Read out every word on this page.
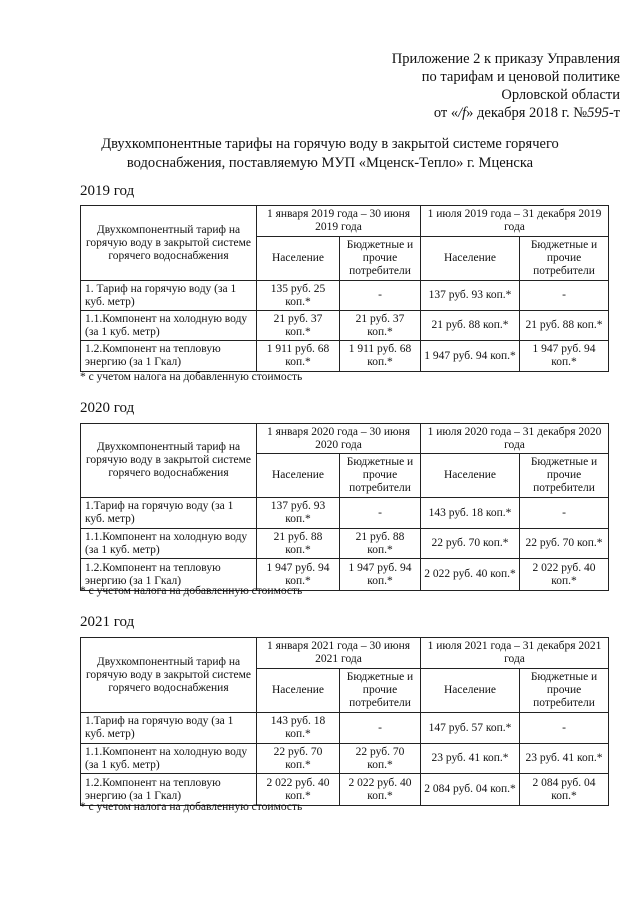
Приложение 2 к приказу Управления
по тарифам и ценовой политике
Орловской области
от «/f» декабря 2018 г. №595-т
Двухкомпонентные тарифы на горячую воду в закрытой системе горячего
водоснабжения, поставляемую МУП «Мценск-Тепло» г. Мценска
2019 год
Двухкомпонентный тариф на горячую воду в закрытой системе горячего водоснабжения	1 января 2019 года – 30 июня 2019 года		1 июля 2019 года – 31 декабря 2019 года	
	Население	Бюджетные и прочие потребители	Население	Бюджетные и прочие потребители
1. Тариф на горячую воду (за 1 куб. метр)	135 руб. 25 коп.*	-	137 руб. 93 коп.*	-
1.1.Компонент на холодную воду (за 1 куб. метр)	21 руб. 37 коп.*	21 руб. 37 коп.*	21 руб. 88 коп.*	21 руб. 88 коп.*
1.2.Компонент на тепловую энергию (за 1 Гкал)	1 911 руб. 68 коп.*	1 911 руб. 68 коп.*	1 947 руб. 94 коп.*	1 947 руб. 94 коп.*
* с учетом налога на добавленную стоимость
2020 год
Двухкомпонентный тариф на горячую воду в закрытой системе горячего водоснабжения	1 января 2020 года – 30 июня 2020 года		1 июля 2020 года – 31 декабря 2020 года	
	Население	Бюджетные и прочие потребители	Население	Бюджетные и прочие потребители
1.Тариф на горячую воду (за 1 куб. метр)	137 руб. 93 коп.*	-	143 руб. 18 коп.*	-
1.1.Компонент на холодную воду (за 1 куб. метр)	21 руб. 88 коп.*	21 руб. 88 коп.*	22 руб. 70 коп.*	22 руб. 70 коп.*
1.2.Компонент на тепловую энергию (за 1 Гкал)	1 947 руб. 94 коп.*	1 947 руб. 94 коп.*	2 022 руб. 40 коп.*	2 022 руб. 40 коп.*
* с учетом налога на добавленную стоимость
2021 год
Двухкомпонентный тариф на горячую воду в закрытой системе горячего водоснабжения	1 января 2021 года – 30 июня 2021 года		1 июля 2021 года – 31 декабря 2021 года	
	Население	Бюджетные и прочие потребители	Население	Бюджетные и прочие потребители
1.Тариф на горячую воду (за 1 куб. метр)	143 руб. 18 коп.*	-	147 руб. 57 коп.*	-
1.1.Компонент на холодную воду (за 1 куб. метр)	22 руб. 70 коп.*	22 руб. 70 коп.*	23 руб. 41 коп.*	23 руб. 41 коп.*
1.2.Компонент на тепловую энергию (за 1 Гкал)	2 022 руб. 40 коп.*	2 022 руб. 40 коп.*	2 084 руб. 04 коп.*	2 084 руб. 04 коп.*
* с учетом налога на добавленную стоимость
